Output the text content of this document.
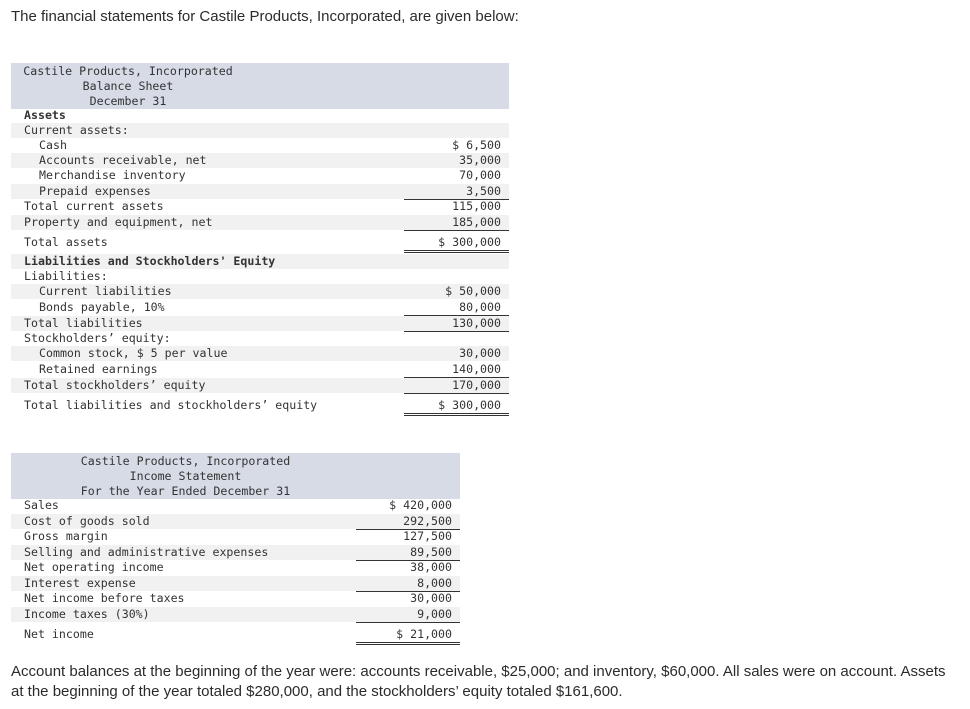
The financial statements for Castile Products, Incorporated, are given below:
Castile Products, Incorporated
Balance Sheet
December 31
Assets
Current assets:
Cash	$ 6,500
Accounts receivable, net	35,000
Merchandise inventory	70,000
Prepaid expenses	3,500
Total current assets	115,000
Property and equipment, net	185,000
Total assets	$ 300,000
Liabilities and Stockholders' Equity
Liabilities:
Current liabilities	$ 50,000
Bonds payable, 10%	80,000
Total liabilities	130,000
Stockholders’ equity:
Common stock, $ 5 per value	30,000
Retained earnings	140,000
Total stockholders’ equity	170,000
Total liabilities and stockholders’ equity	$ 300,000
Castile Products, Incorporated
Income Statement
For the Year Ended December 31
Sales	$ 420,000
Cost of goods sold	292,500
Gross margin	127,500
Selling and administrative expenses	89,500
Net operating income	38,000
Interest expense	8,000
Net income before taxes	30,000
Income taxes (30%)	9,000
Net income	$ 21,000
Account balances at the beginning of the year were: accounts receivable, $25,000; and inventory, $60,000. All sales were on account. Assets at the beginning of the year totaled $280,000, and the stockholders’ equity totaled $161,600.
